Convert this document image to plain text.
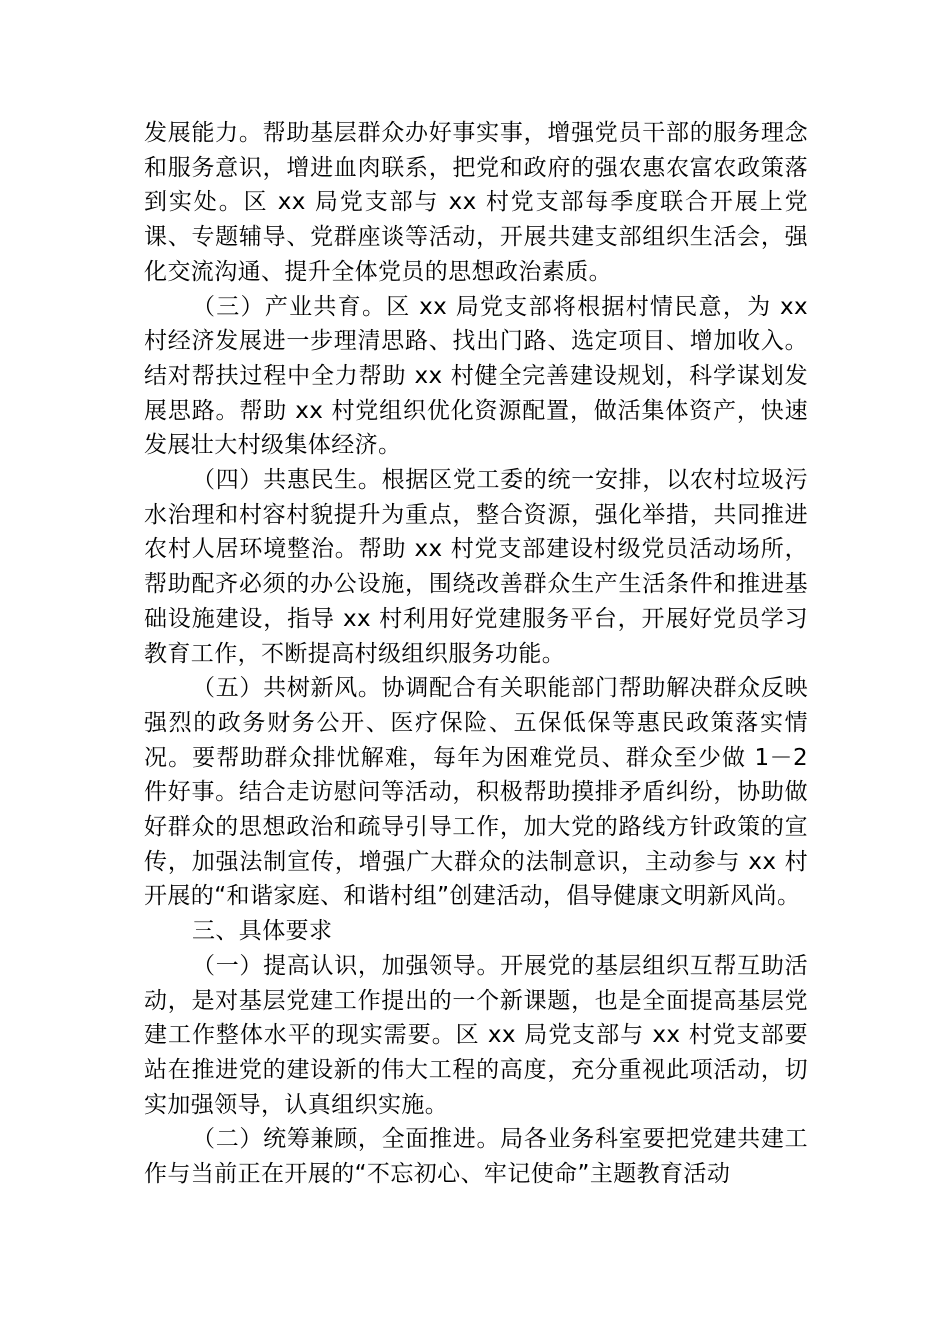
发展能力。帮助基层群众办好事实事，增强党员干部的服务理念和服务意识，增进血肉联系，把党和政府的强农惠农富农政策落到实处。区 xx 局党支部与 xx 村党支部每季度联合开展上党课、专题辅导、党群座谈等活动，开展共建支部组织生活会，强化交流沟通、提升全体党员的思想政治素质。

（三）产业共育。区 xx 局党支部将根据村情民意，为 xx 村经济发展进一步理清思路、找出门路、选定项目、增加收入。结对帮扶过程中全力帮助 xx 村健全完善建设规划，科学谋划发展思路。帮助 xx 村党组织优化资源配置，做活集体资产，快速发展壮大村级集体经济。

（四）共惠民生。根据区党工委的统一安排，以农村垃圾污水治理和村容村貌提升为重点，整合资源，强化举措，共同推进农村人居环境整治。帮助 xx 村党支部建设村级党员活动场所，帮助配齐必须的办公设施，围绕改善群众生产生活条件和推进基础设施建设，指导 xx 村利用好党建服务平台，开展好党员学习教育工作，不断提高村级组织服务功能。

（五）共树新风。协调配合有关职能部门帮助解决群众反映强烈的政务财务公开、医疗保险、五保低保等惠民政策落实情况。要帮助群众排忧解难，每年为困难党员、群众至少做 1－2 件好事。结合走访慰问等活动，积极帮助摸排矛盾纠纷，协助做好群众的思想政治和疏导引导工作，加大党的路线方针政策的宣传，加强法制宣传，增强广大群众的法制意识，主动参与 xx 村开展的“和谐家庭、和谐村组”创建活动，倡导健康文明新风尚。

三、具体要求

（一）提高认识，加强领导。开展党的基层组织互帮互助活动，是对基层党建工作提出的一个新课题，也是全面提高基层党建工作整体水平的现实需要。区 xx 局党支部与 xx 村党支部要站在推进党的建设新的伟大工程的高度，充分重视此项活动，切实加强领导，认真组织实施。

（二）统筹兼顾，全面推进。局各业务科室要把党建共建工作与当前正在开展的“不忘初心、牢记使命”主题教育活动
